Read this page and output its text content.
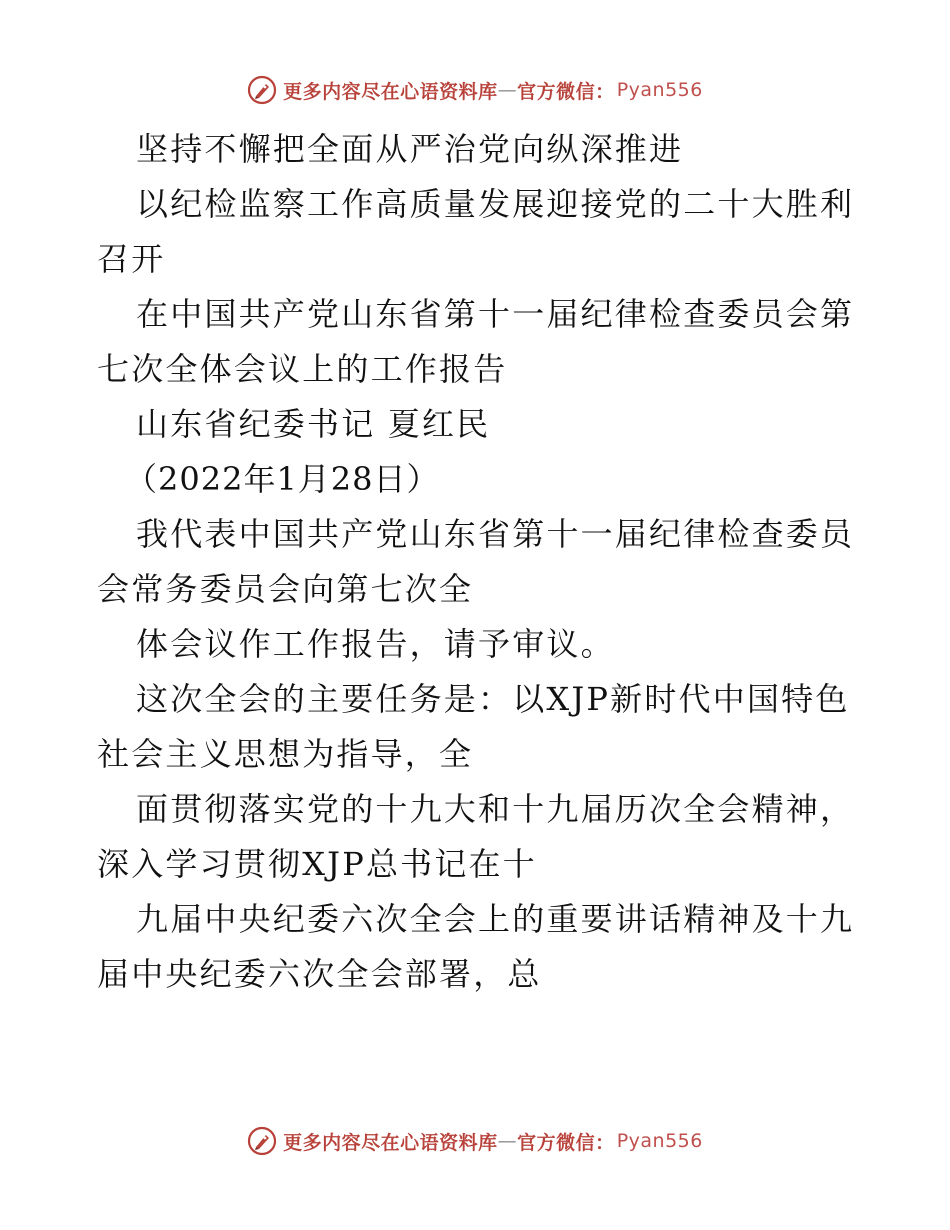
更多内容尽在心语资料库 — 官方微信： Pyan556
坚持不懈把全面从严治党向纵深推进
以纪检监察工作高质量发展迎接党的二十大胜利
召开
在中国共产党山东省第十一届纪律检查委员会第
七次全体会议上的工作报告
山东省纪委书记 夏红民
（2022年1月28日）
我代表中国共产党山东省第十一届纪律检查委员
会常务委员会向第七次全
体会议作工作报告，请予审议。
这次全会的主要任务是：以XJP新时代中国特色
社会主义思想为指导，全
面贯彻落实党的十九大和十九届历次全会精神，
深入学习贯彻XJP总书记在十
九届中央纪委六次全会上的重要讲话精神及十九
届中央纪委六次全会部署，总
更多内容尽在心语资料库 — 官方微信： Pyan556
